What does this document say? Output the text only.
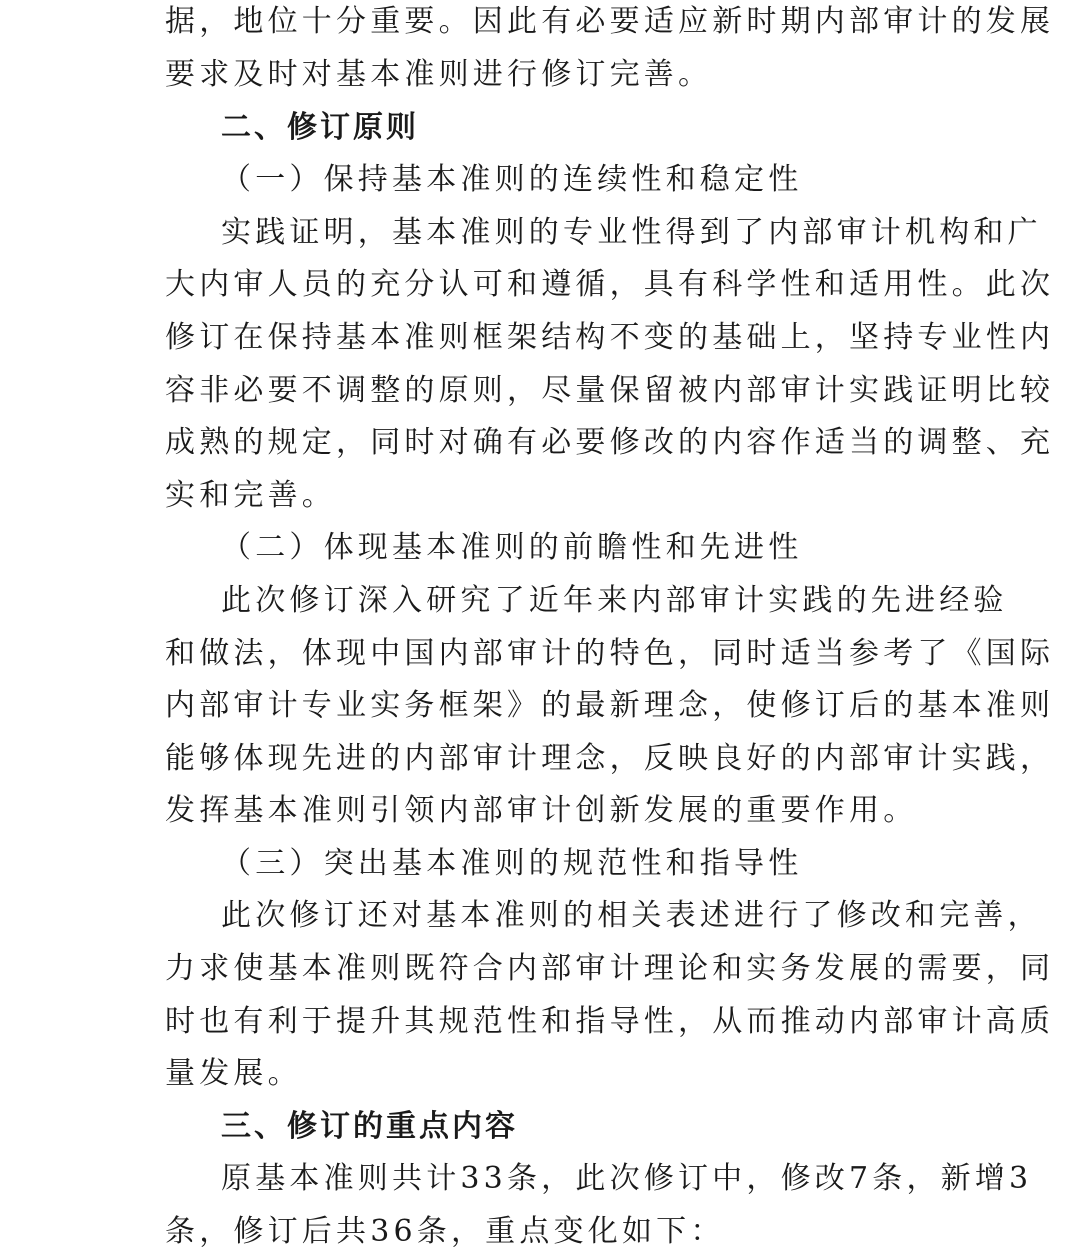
据，地位十分重要。因此有必要适应新时期内部审计的发展
要求及时对基本准则进行修订完善。
二、修订原则
（一）保持基本准则的连续性和稳定性
实践证明，基本准则的专业性得到了内部审计机构和广
大内审人员的充分认可和遵循，具有科学性和适用性。此次
修订在保持基本准则框架结构不变的基础上，坚持专业性内
容非必要不调整的原则，尽量保留被内部审计实践证明比较
成熟的规定，同时对确有必要修改的内容作适当的调整、充
实和完善。
（二）体现基本准则的前瞻性和先进性
此次修订深入研究了近年来内部审计实践的先进经验
和做法，体现中国内部审计的特色，同时适当参考了《国际
内部审计专业实务框架》的最新理念，使修订后的基本准则
能够体现先进的内部审计理念，反映良好的内部审计实践，
发挥基本准则引领内部审计创新发展的重要作用。
（三）突出基本准则的规范性和指导性
此次修订还对基本准则的相关表述进行了修改和完善，
力求使基本准则既符合内部审计理论和实务发展的需要，同
时也有利于提升其规范性和指导性，从而推动内部审计高质
量发展。
三、修订的重点内容
原基本准则共计33条，此次修订中，修改7条，新增3
条，修订后共36条，重点变化如下：
